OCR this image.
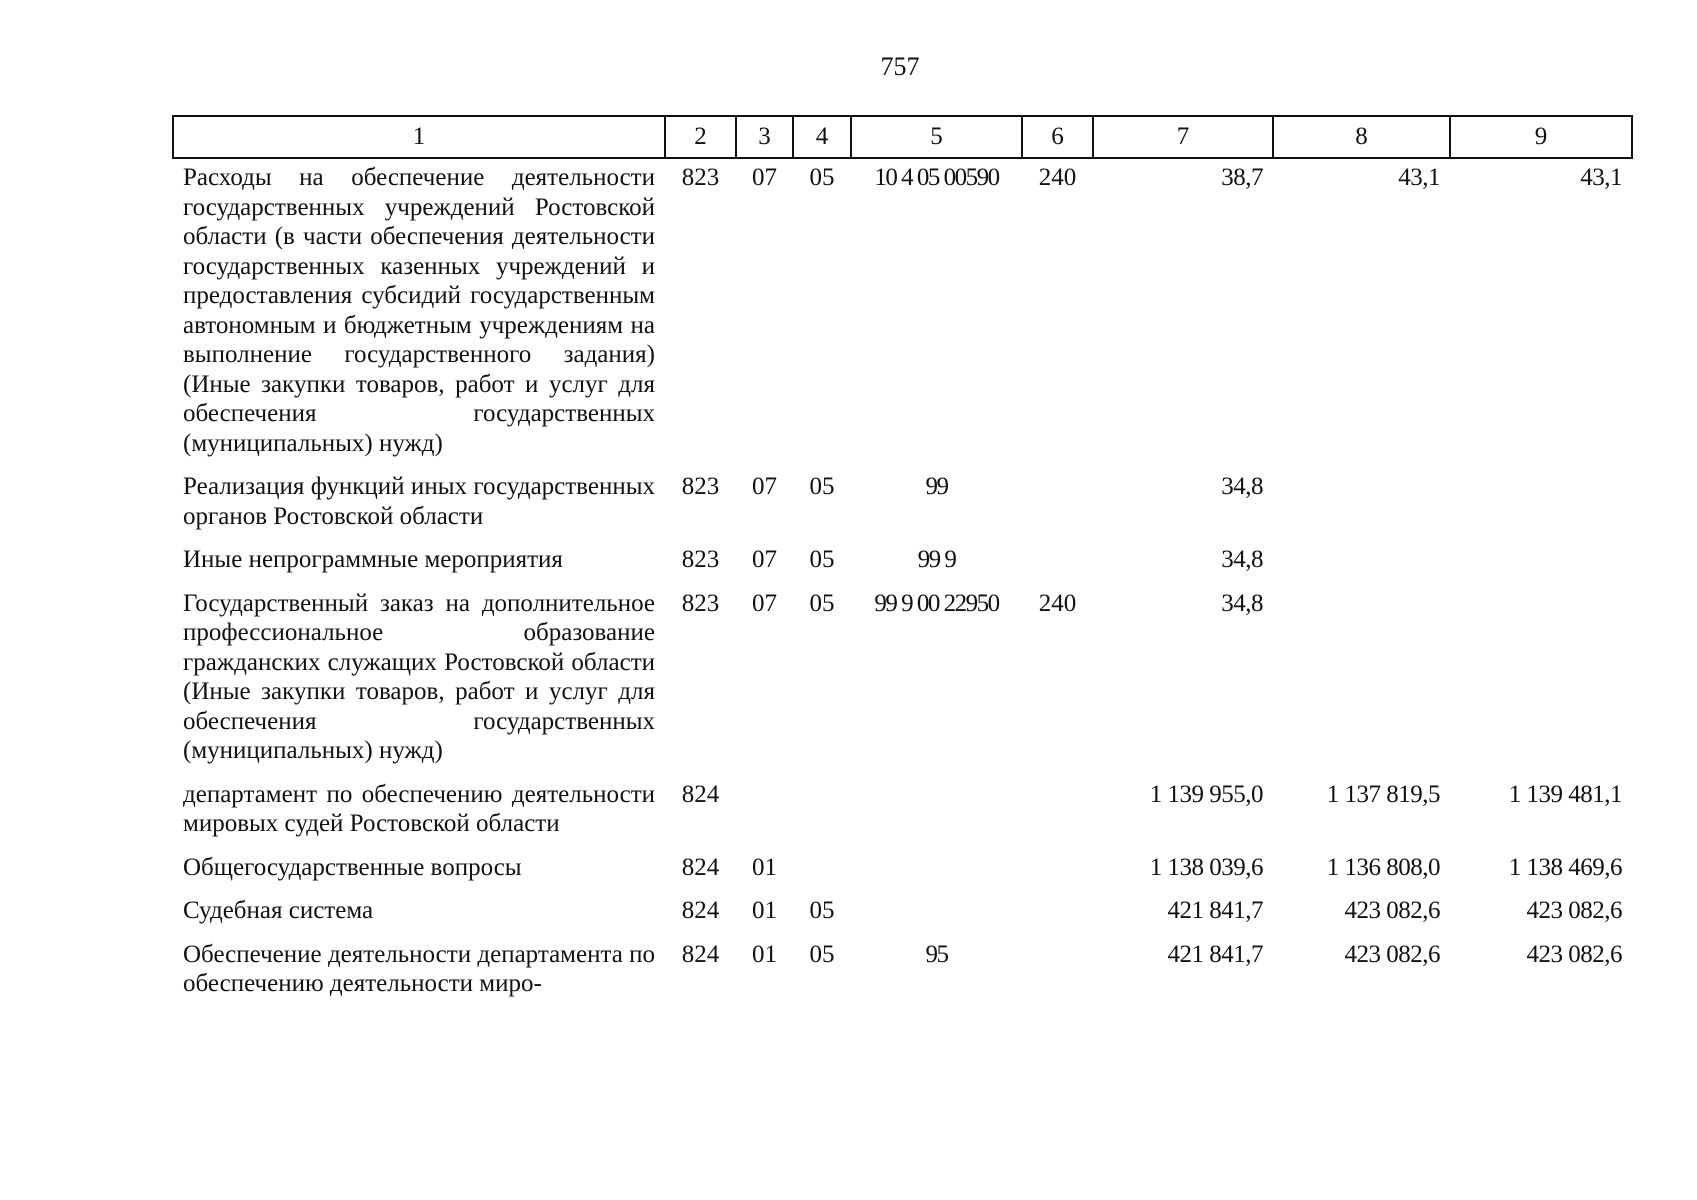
757
1	2	3	4	5	6	7	8	9
Расходы на обеспечение деятельности государственных учреждений Ростовской области (в части обеспечения деятельности государственных казенных учреждений и предоставления субсидий государственным автономным и бюджетным учреждениям на выполнение государственного задания) (Иные закупки товаров, работ и услуг для обеспечения государственных (муниципальных) нужд)	823	07	05	10 4 05 00590	240	38,7	43,1	43,1
Реализация функций иных государственных органов Ростовской области	823	07	05	99		34,8		
Иные непрограммные мероприятия	823	07	05	99 9		34,8		
Государственный заказ на дополнительное профессиональное образование гражданских служащих Ростовской области (Иные закупки товаров, работ и услуг для обеспечения государственных (муниципальных) нужд)	823	07	05	99 9 00 22950	240	34,8		
департамент по обеспечению деятельности мировых судей Ростовской области	824					1 139 955,0	1 137 819,5	1 139 481,1
Общегосударственные вопросы	824	01				1 138 039,6	1 136 808,0	1 138 469,6
Судебная система	824	01	05			421 841,7	423 082,6	423 082,6
Обеспечение деятельности департамента по обеспечению деятельности миро-	824	01	05	95		421 841,7	423 082,6	423 082,6
